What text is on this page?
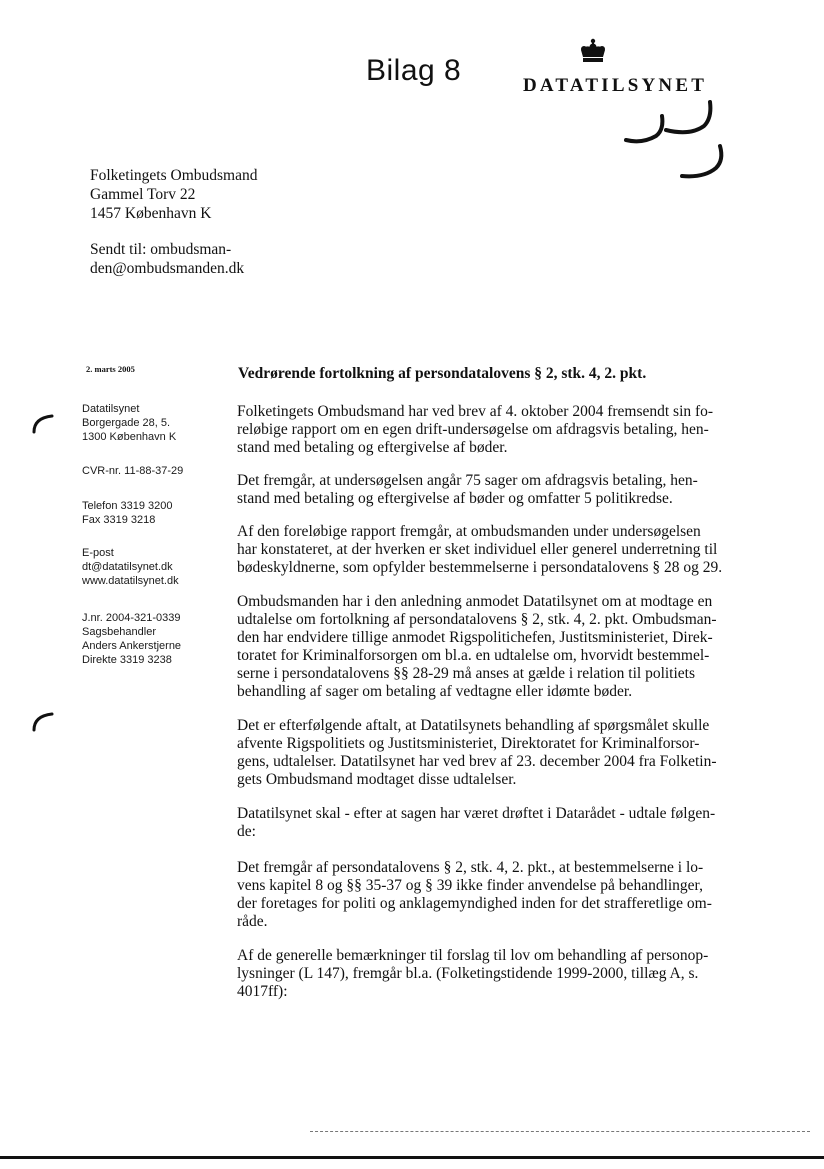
Bilag 8	DATATILSYNET
Folketingets Ombudsmand
Gammel Torv 22
1457 København K
Sendt til: ombudsman-
den@ombudsmanden.dk
2. marts 2005
Datatilsynet
Borgergade 28, 5.
1300 København K
CVR-nr. 11-88-37-29
Telefon 3319 3200
Fax 3319 3218
E-post
dt@datatilsynet.dk
www.datatilsynet.dk
J.nr. 2004-321-0339
Sagsbehandler
Anders Ankerstjerne
Direkte 3319 3238
Vedrørende fortolkning af persondatalovens § 2, stk. 4, 2. pkt.
Folketingets Ombudsmand har ved brev af 4. oktober 2004 fremsendt sin fo-
reløbige rapport om en egen drift-undersøgelse om afdragsvis betaling, hen-
stand med betaling og eftergivelse af bøder.
Det fremgår, at undersøgelsen angår 75 sager om afdragsvis betaling, hen-
stand med betaling og eftergivelse af bøder og omfatter 5 politikredse.
Af den foreløbige rapport fremgår, at ombudsmanden under undersøgelsen
har konstateret, at der hverken er sket individuel eller generel underretning til
bødeskyldnerne, som opfylder bestemmelserne i persondatalovens § 28 og 29.
Ombudsmanden har i den anledning anmodet Datatilsynet om at modtage en
udtalelse om fortolkning af persondatalovens § 2, stk. 4, 2. pkt. Ombudsman-
den har endvidere tillige anmodet Rigspolitichefen, Justitsministeriet, Direk-
toratet for Kriminalforsorgen om bl.a. en udtalelse om, hvorvidt bestemmel-
serne i persondatalovens §§ 28-29 må anses at gælde i relation til politiets
behandling af sager om betaling af vedtagne eller idømte bøder.
Det er efterfølgende aftalt, at Datatilsynets behandling af spørgsmålet skulle
afvente Rigspolitiets og Justitsministeriet, Direktoratet for Kriminalforsor-
gens, udtalelser. Datatilsynet har ved brev af 23. december 2004 fra Folketin-
gets Ombudsmand modtaget disse udtalelser.
Datatilsynet skal - efter at sagen har været drøftet i Datarådet - udtale følgen-
de:
Det fremgår af persondatalovens § 2, stk. 4, 2. pkt., at bestemmelserne i lo-
vens kapitel 8 og §§ 35-37 og § 39 ikke finder anvendelse på behandlinger,
der foretages for politi og anklagemyndighed inden for det strafferetlige om-
råde.
Af de generelle bemærkninger til forslag til lov om behandling af personop-
lysninger (L 147), fremgår bl.a. (Folketingstidende 1999-2000, tillæg A, s.
4017ff):
